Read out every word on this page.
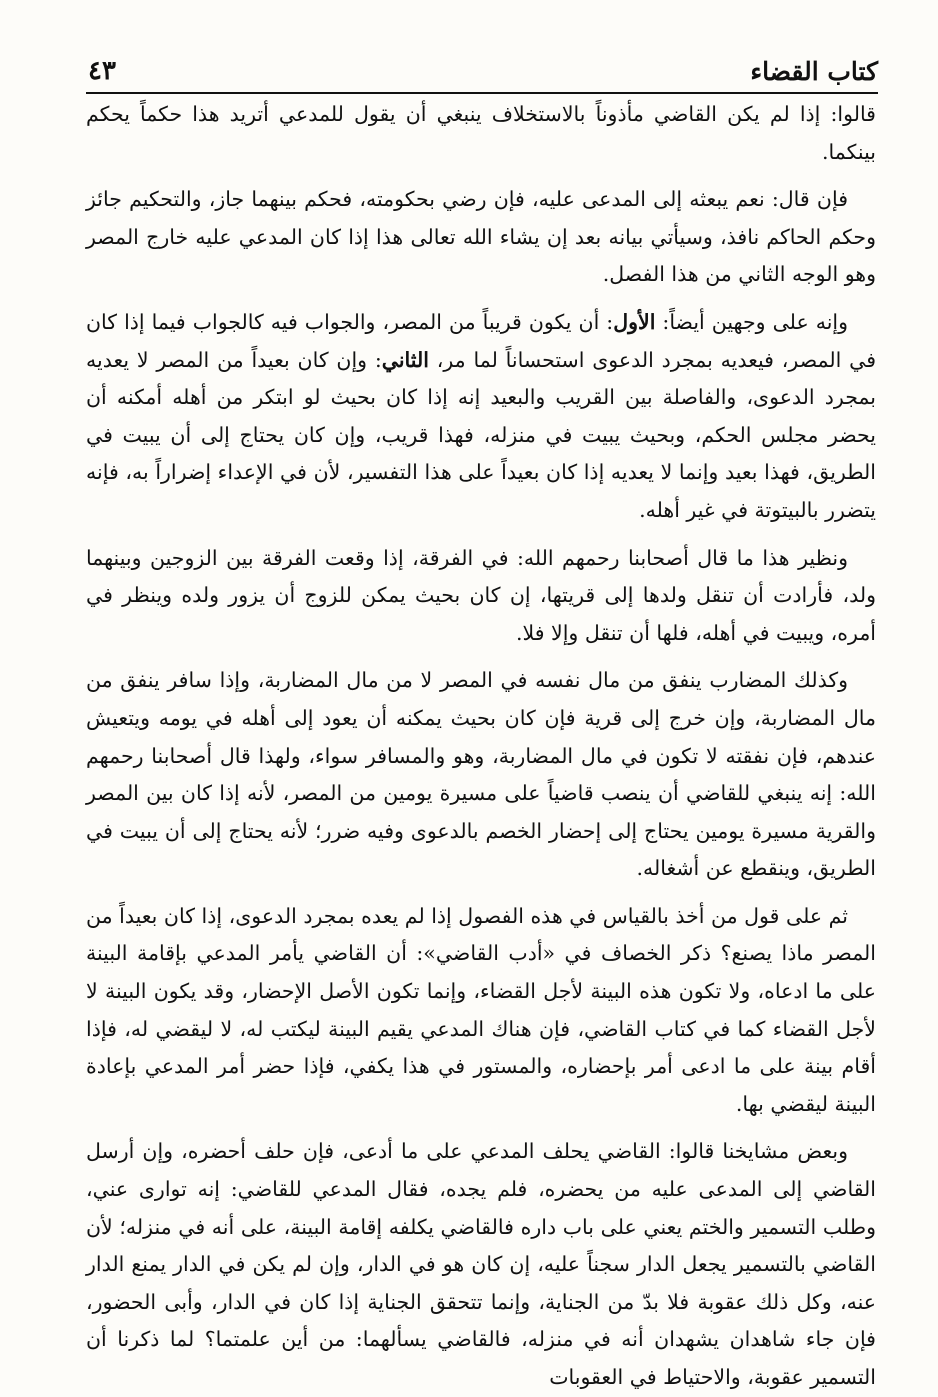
كتاب القضاء
٤٣

قالوا: إذا لم يكن القاضي مأذوناً بالاستخلاف ينبغي أن يقول للمدعي أتريد هذا حكماً يحكم بينكما.

فإن قال: نعم يبعثه إلى المدعى عليه، فإن رضي بحكومته، فحكم بينهما جاز، والتحكيم جائز وحكم الحاكم نافذ، وسيأتي بيانه بعد إن يشاء الله تعالى هذا إذا كان المدعي عليه خارج المصر وهو الوجه الثاني من هذا الفصل.

وإنه على وجهين أيضاً: الأول: أن يكون قريباً من المصر، والجواب فيه كالجواب فيما إذا كان في المصر، فيعديه بمجرد الدعوى استحساناً لما مر، الثاني: وإن كان بعيداً من المصر لا يعديه بمجرد الدعوى، والفاصلة بين القريب والبعيد إنه إذا كان بحيث لو ابتكر من أهله أمكنه أن يحضر مجلس الحكم، وبحيث يبيت في منزله، فهذا قريب، وإن كان يحتاج إلى أن يبيت في الطريق، فهذا بعيد وإنما لا يعديه إذا كان بعيداً على هذا التفسير، لأن في الإعداء إضراراً به، فإنه يتضرر بالبيتوتة في غير أهله.

ونظير هذا ما قال أصحابنا رحمهم الله: في الفرقة، إذا وقعت الفرقة بين الزوجين وبينهما ولد، فأرادت أن تنقل ولدها إلى قريتها، إن كان بحيث يمكن للزوج أن يزور ولده وينظر في أمره، ويبيت في أهله، فلها أن تنقل وإلا فلا.

وكذلك المضارب ينفق من مال نفسه في المصر لا من مال المضاربة، وإذا سافر ينفق من مال المضاربة، وإن خرج إلى قرية فإن كان بحيث يمكنه أن يعود إلى أهله في يومه ويتعيش عندهم، فإن نفقته لا تكون في مال المضاربة، وهو والمسافر سواء، ولهذا قال أصحابنا رحمهم الله: إنه ينبغي للقاضي أن ينصب قاضياً على مسيرة يومين من المصر، لأنه إذا كان بين المصر والقرية مسيرة يومين يحتاج إلى إحضار الخصم بالدعوى وفيه ضرر؛ لأنه يحتاج إلى أن يبيت في الطريق، وينقطع عن أشغاله.

ثم على قول من أخذ بالقياس في هذه الفصول إذا لم يعده بمجرد الدعوى، إذا كان بعيداً من المصر ماذا يصنع؟ ذكر الخصاف في «أدب القاضي»: أن القاضي يأمر المدعي بإقامة البينة على ما ادعاه، ولا تكون هذه البينة لأجل القضاء، وإنما تكون الأصل الإحضار، وقد يكون البينة لا لأجل القضاء كما في كتاب القاضي، فإن هناك المدعي يقيم البينة ليكتب له، لا ليقضي له، فإذا أقام بينة على ما ادعى أمر بإحضاره، والمستور في هذا يكفي، فإذا حضر أمر المدعي بإعادة البينة ليقضي بها.

وبعض مشايخنا قالوا: القاضي يحلف المدعي على ما أدعى، فإن حلف أحضره، وإن أرسل القاضي إلى المدعى عليه من يحضره، فلم يجده، فقال المدعي للقاضي: إنه توارى عني، وطلب التسمير والختم يعني على باب داره فالقاضي يكلفه إقامة البينة، على أنه في منزله؛ لأن القاضي بالتسمير يجعل الدار سجناً عليه، إن كان هو في الدار، وإن لم يكن في الدار يمنع الدار عنه، وكل ذلك عقوبة فلا بدّ من الجناية، وإنما تتحقق الجناية إذا كان في الدار، وأبى الحضور، فإن جاء شاهدان يشهدان أنه في منزله، فالقاضي يسألهما: من أين علمتما؟ لما ذكرنا أن التسمير عقوبة، والاحتياط في العقوبات
